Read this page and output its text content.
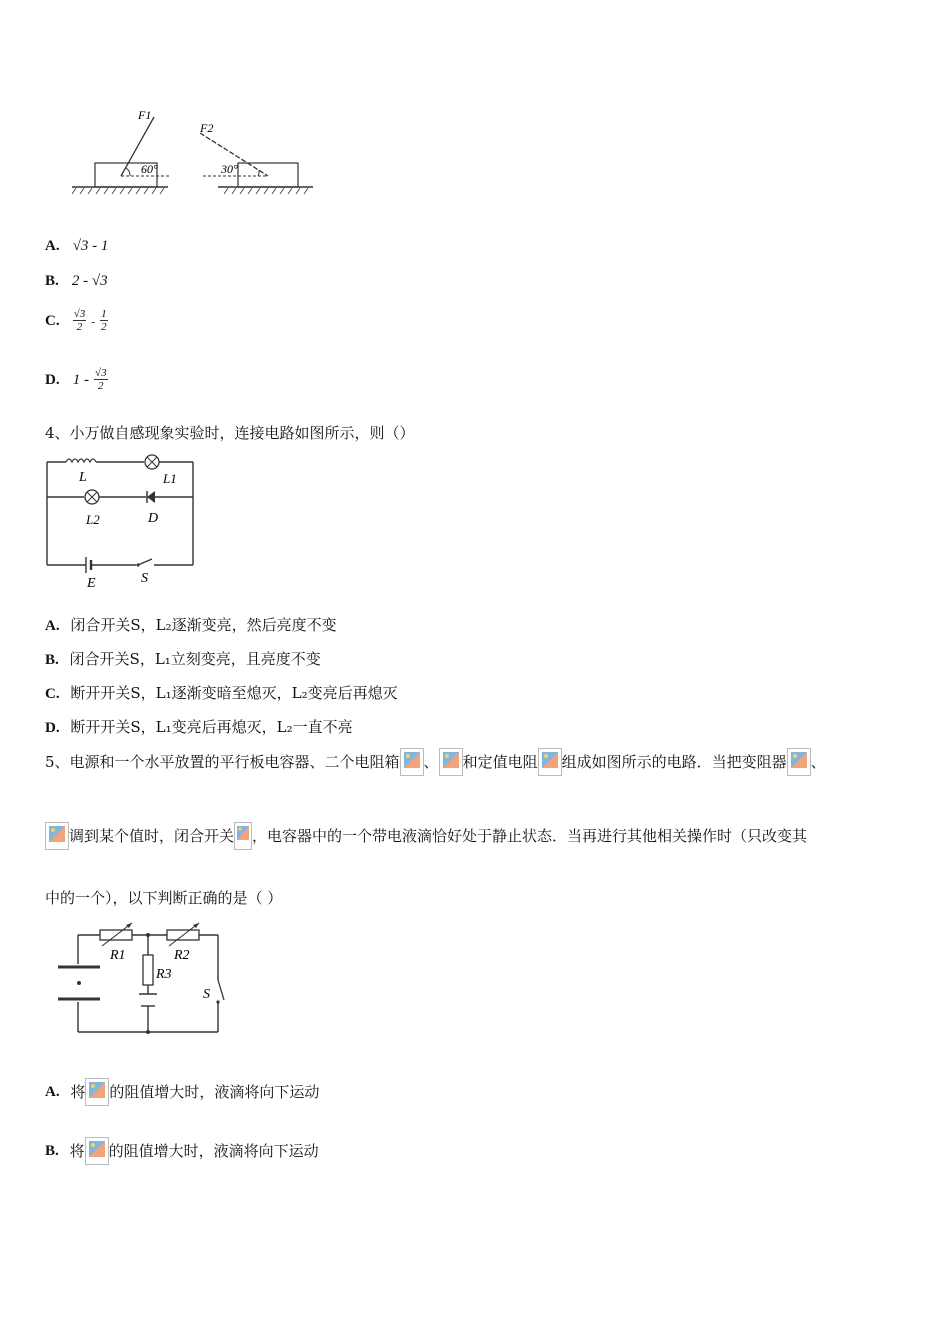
F1
60°
F2
30°
A. √3 - 1
B. 2 - √3
C. $\frac{√3}{2} - \frac{1}{2}$
D. $1 - \frac{√3}{2}$
4、小万做自感现象实验时，连接电路如图所示，则（）
L	L1
L2	D
E	S
A. 闭合开关S，L₂逐渐变亮，然后亮度不变
B. 闭合开关S，L₁立刻变亮，且亮度不变
C. 断开开关S，L₁逐渐变暗至熄灭，L₂变亮后再熄灭
D. 断开开关S，L₁变亮后再熄灭，L₂一直不亮
5、电源和一个水平放置的平行板电容器、二个电阻箱 、 和定值电阻 组成如图所示的电路．当把变阻器 、
调到某个值时，闭合开关 ，电容器中的一个带电液滴恰好处于静止状态．当再进行其他相关操作时（只改变其
中的一个），以下判断正确的是（ ）
R1	R2
R3
S
A. 将 的阻值增大时，液滴将向下运动
B. 将 的阻值增大时，液滴将向下运动
